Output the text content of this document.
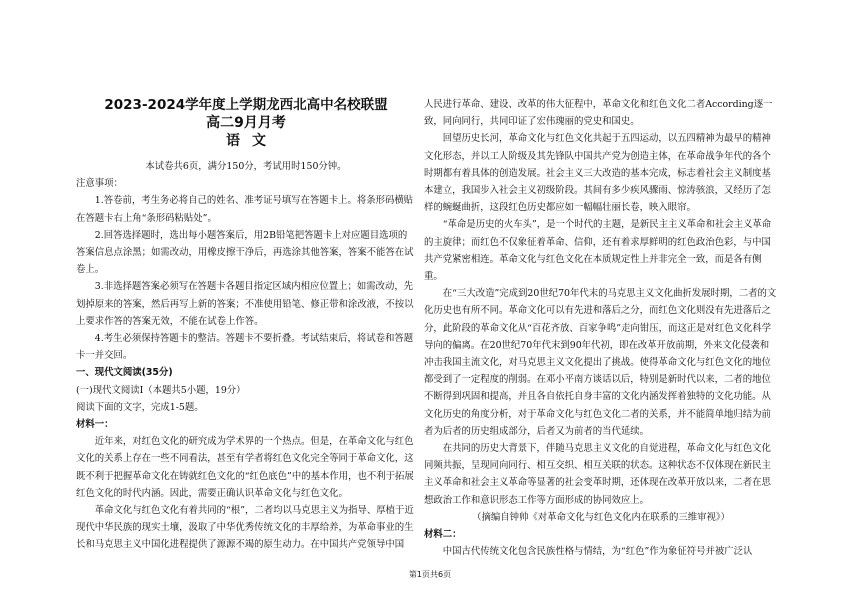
2023-2024学年度上学期龙西北高中名校联盟
高二9月月考
语文

本试卷共6页，满分150分，考试用时150分钟。

注意事项：

1.答卷前，考生务必将自己的姓名、准考证号填写在答题卡上。将条形码横贴在答题卡右上角“条形码粘贴处”。

2.回答选择题时，选出每小题答案后，用2B铅笔把答题卡上对应题目选项的答案信息点涂黑；如需改动，用橡皮擦干净后，再选涂其他答案，答案不能答在试卷上。

3.非选择题答案必须写在答题卡各题目指定区域内相应位置上；如需改动，先划掉原来的答案，然后再写上新的答案；不准使用铅笔、修正带和涂改液，不按以上要求作答的答案无效，不能在试卷上作答。

4.考生必须保持答题卡的整洁。答题卡不要折叠。考试结束后，将试卷和答题卡一并交回。

一、现代文阅读(35分)

(一)现代文阅读Ⅰ（本题共5小题，19分）

阅读下面的文字，完成1-5题。

材料一：

近年来，对红色文化的研究成为学术界的一个热点。但是，在革命文化与红色文化的关系上存在一些不同看法，甚至有学者将红色文化完全等同于革命文化，这既不利于把握革命文化在铸就红色文化的“红色底色”中的基本作用，也不利于拓展红色文化的时代内涵。因此，需要正确认识革命文化与红色文化。

革命文化与红色文化有着共同的“根”，二者均以马克思主义为指导、厚植于近现代中华民族的现实土壤，汲取了中华优秀传统文化的丰厚给养，为革命事业的生长和马克思主义中国化进程提供了源源不竭的原生动力。在中国共产党领导中国

人民进行革命、建设、改革的伟大征程中，革命文化和红色文化二者According逐一致，同向同行，共同印证了宏伟瑰丽的党史和国史。

回望历史长河，革命文化与红色文化共起于五四运动，以五四精神为最早的精神文化形态，并以工人阶级及其先锋队中国共产党为创造主体，在革命战争年代的各个时期都有着具体的创造发展。社会主义三大改造的基本完成，标志着社会主义制度基本建立，我国步入社会主义初级阶段。其间有多少疾风骤雨、惊涛骇浪，又经历了怎样的蜿蜒曲折，这段红色历史都应如一幅幅壮丽长卷，映入眼帘。

“革命是历史的火车头”，是一个时代的主题，是新民主主义革命和社会主义革命的主旋律；而红色不仅象征着革命、信仰，还有着求厚鲜明的红色政治色彩，与中国共产党紧密相连。革命文化与红色文化在本质规定性上并非完全一致，而是各有侧重。

在“三大改造”完成到20世纪70年代末的马克思主义文化曲折发展时期，二者的文化历史也有所不同。革命文化可以有先进和落后之分，而红色文化则没有先进落后之分，此阶段的革命文化从“百花齐放、百家争鸣”走向钳压，而这正是对红色文化科学导向的偏离。在20世纪70年代末到90年代初，即在改革开放前期，外来文化侵袭和冲击我国主流文化，对马克思主义文化提出了挑战。使得革命文化与红色文化的地位都受到了一定程度的削弱。在邓小平南方谈话以后，特别是新时代以来，二者的地位不断得到巩固和提高，并且各自依托自身丰富的文化内涵发挥着独特的文化功能。从文化历史的角度分析，对于革命文化与红色文化二者的关系，并不能简单地归结为前者为后者的历史组成部分，后者又为前者的当代延续。

在共同的历史大背景下，伴随马克思主义文化的自觉进程，革命文化与红色文化同频共振，呈现同向同行、相互交织、相互关联的状态。这种状态不仅体现在新民主主义革命和社会主义革命等显著的社会变革时期，还体现在改革开放以来，二者在思想政治工作和意识形态工作等方面形成的协同效应上。

（摘编自钟帅《对革命文化与红色文化内在联系的三维审视》）

材料二：

中国古代传统文化包含民族性格与情结，为“红色”作为象征符号并被广泛认

第1页共6页
